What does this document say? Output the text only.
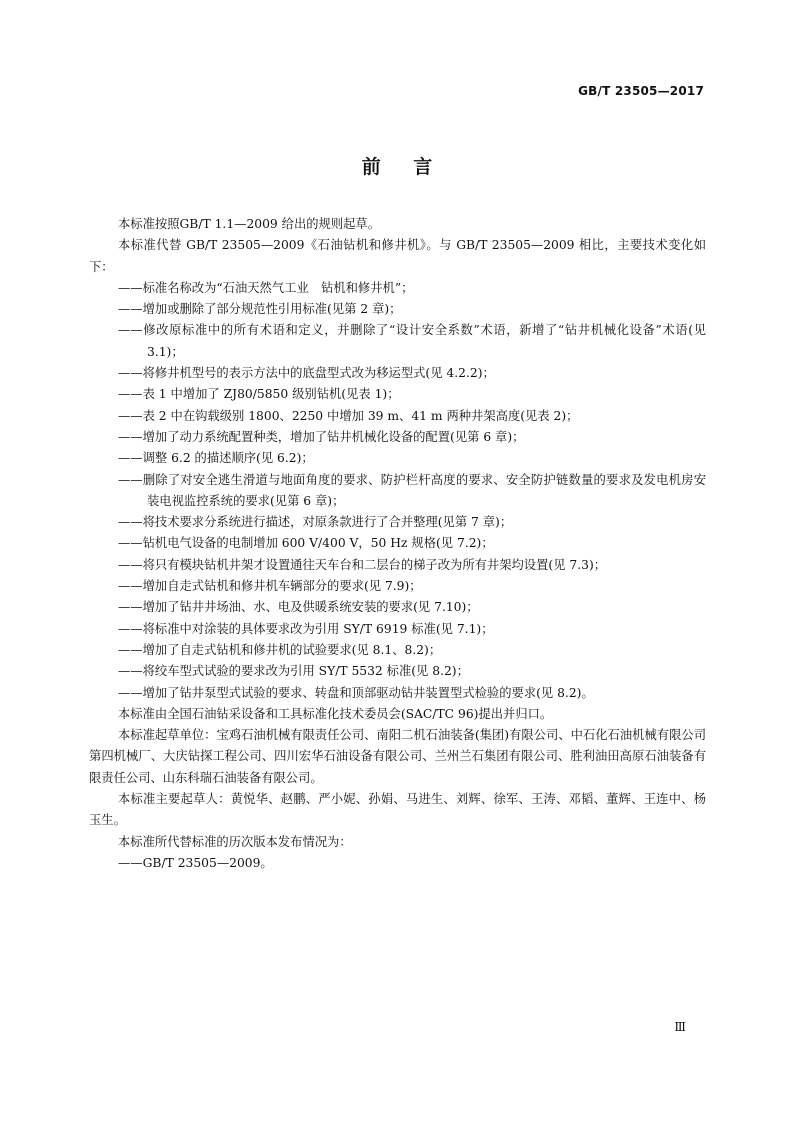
GB/T 23505—2017
前 言

本标准按照GB/T 1.1—2009 给出的规则起草。

本标准代替 GB/T 23505—2009《石油钻机和修井机》。与 GB/T 23505—2009 相比，主要技术变化如下：

——标准名称改为“石油天然气工业　钻机和修井机”；

——增加或删除了部分规范性引用标准(见第 2 章)；

——修改原标准中的所有术语和定义，并删除了“设计安全系数”术语，新增了“钻井机械化设备”术语(见 3.1)；

——将修井机型号的表示方法中的底盘型式改为移运型式(见 4.2.2)；

——表 1 中增加了 ZJ80/5850 级别钻机(见表 1)；

——表 2 中在钩载级别 1800、2250 中增加 39 m、41 m 两种井架高度(见表 2)；

——增加了动力系统配置种类，增加了钻井机械化设备的配置(见第 6 章)；

——调整 6.2 的描述顺序(见 6.2)；

——删除了对安全逃生滑道与地面角度的要求、防护栏杆高度的要求、安全防护链数量的要求及发电机房安装电视监控系统的要求(见第 6 章)；

——将技术要求分系统进行描述，对原条款进行了合并整理(见第 7 章)；

——钻机电气设备的电制增加 600 V/400 V，50 Hz 规格(见 7.2)；

——将只有模块钻机井架才设置通往天车台和二层台的梯子改为所有井架均设置(见 7.3)；

——增加自走式钻机和修井机车辆部分的要求(见 7.9)；

——增加了钻井井场油、水、电及供暖系统安装的要求(见 7.10)；

——将标准中对涂装的具体要求改为引用 SY/T 6919 标准(见 7.1)；

——增加了自走式钻机和修井机的试验要求(见 8.1、8.2)；

——将绞车型式试验的要求改为引用 SY/T 5532 标准(见 8.2)；

——增加了钻井泵型式试验的要求、转盘和顶部驱动钻井装置型式检验的要求(见 8.2)。

本标准由全国石油钻采设备和工具标准化技术委员会(SAC/TC 96)提出并归口。

本标准起草单位：宝鸡石油机械有限责任公司、南阳二机石油装备(集团)有限公司、中石化石油机械有限公司第四机械厂、大庆钻探工程公司、四川宏华石油设备有限公司、兰州兰石集团有限公司、胜利油田高原石油装备有限责任公司、山东科瑞石油装备有限公司。

本标准主要起草人：黄悦华、赵鹏、严小妮、孙娟、马进生、刘辉、徐军、王涛、邓韬、董辉、王连中、杨玉生。

本标准所代替标准的历次版本发布情况为：

——GB/T 23505—2009。

Ⅲ
